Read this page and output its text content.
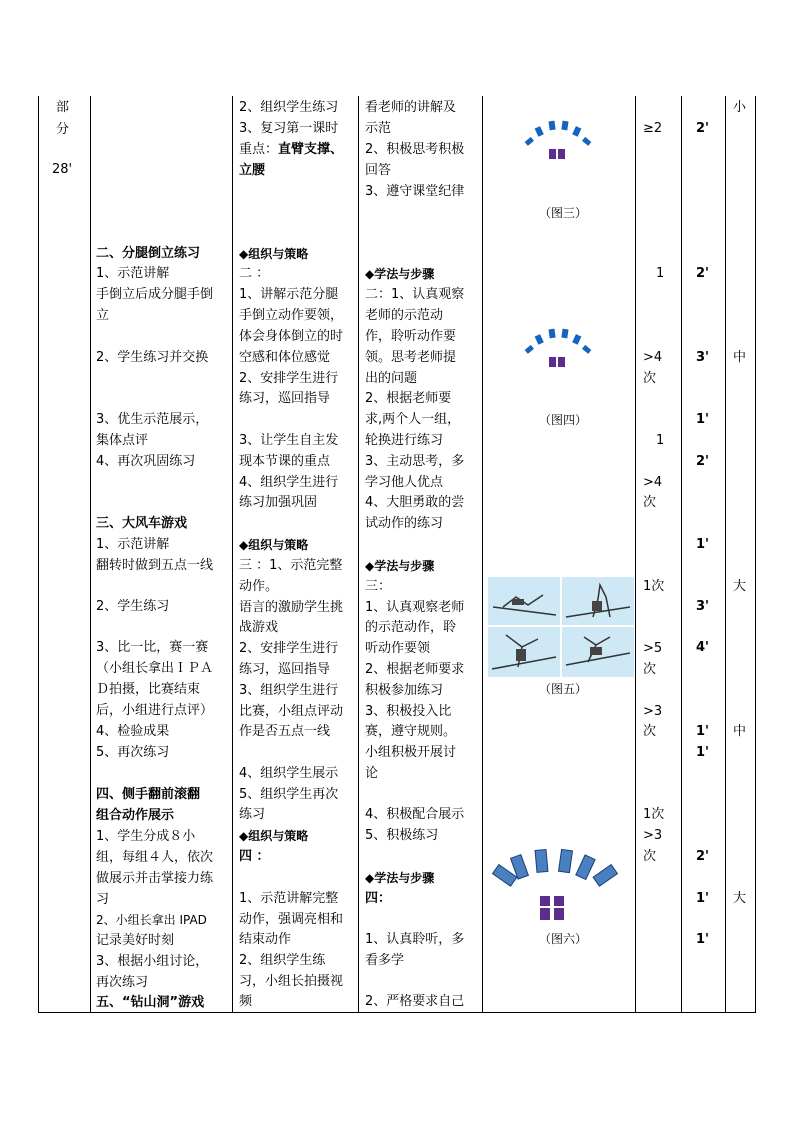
部
分
28'
二、分腿倒立练习
1、示范讲解
手倒立后成分腿手倒
立
2、学生练习并交换
3、优生示范展示，
集体点评
4、再次巩固练习
三、大风车游戏
1、示范讲解
翻转时做到五点一线
2、学生练习
3、比一比，赛一赛
（小组长拿出ＩＰＡ
Ｄ拍摄，比赛结束
后，小组进行点评）
4、检验成果
5、再次练习
四、侧手翻前滚翻
组合动作展示
1、学生分成８小
组，每组４人，依次
做展示并击掌接力练
习
2、小组长拿出 IPAD
记录美好时刻
3、根据小组讨论，
再次练习
五、“钻山洞”游戏
2、组织学生练习
3、复习第一课时
重点：直臂支撑、
立腰
◆组织与策略
二 ：
1、讲解示范分腿
手倒立动作要领，
体会身体倒立的时
空感和体位感觉
2、安排学生进行
练习，巡回指导
3、让学生自主发
现本节课的重点
4、组织学生进行
练习加强巩固
◆组织与策略
三 ：1、示范完整
动作。
语言的激励学生挑
战游戏
2、安排学生进行
练习，巡回指导
3、组织学生进行
比赛，小组点评动
作是否五点一线
4、组织学生展示
5、组织学生再次
练习
◆组织与策略
四 ：
1、示范讲解完整
动作，强调亮相和
结束动作
2、组织学生练
习，小组长拍摄视
频
看老师的讲解及
示范
2、积极思考积极
回答
3、遵守课堂纪律
◆学法与步骤
二：1、认真观察
老师的示范动
作，聆听动作要
领。思考老师提
出的问题
2、根据老师要
求,两个人一组，
轮换进行练习
3、主动思考，多
学习他人优点
4、大胆勇敢的尝
试动作的练习
◆学法与步骤
三：
1、认真观察老师
的示范动作，聆
听动作要领
2、根据老师要求
积极参加练习
3、积极投入比
赛，遵守规则。
小组积极开展讨
论
4、积极配合展示
5、积极练习
◆学法与步骤
四：
1、认真聆听，多
看多学
2、严格要求自己
（图三）
（图四）
（图五）
（图六）
≥2
1
>4
次
1
>4
次
1次
>5
次
>3
次
1次
>3
次
2'
2'
3'
1'
2'
1'
3'
4'
1'
1'
2'
1'
1'
小
中
大
中
大
